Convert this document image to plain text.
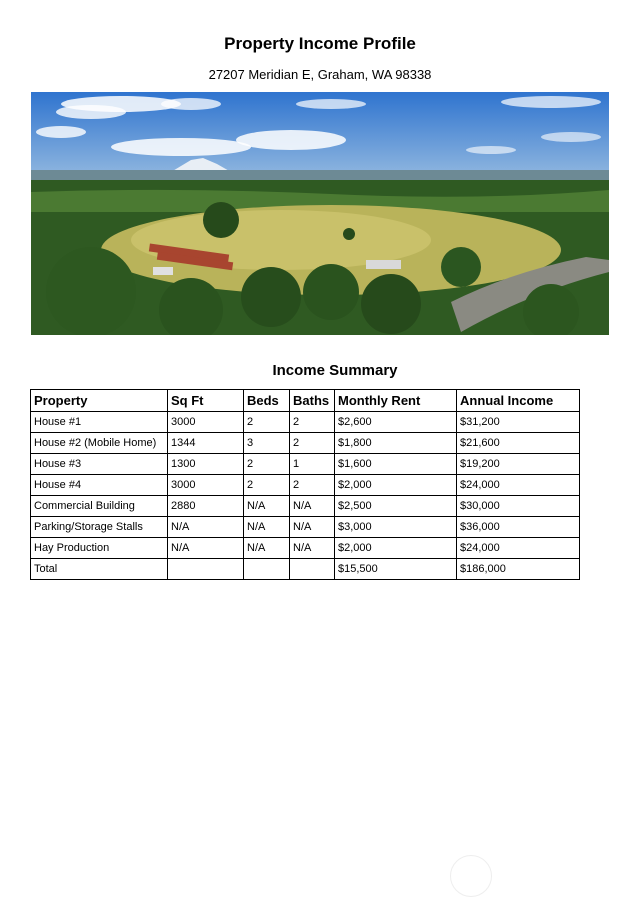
Property Income Profile
27207 Meridian E, Graham, WA 98338
Income Summary
Property	Sq Ft	Beds	Baths	Monthly Rent	Annual Income
House #1	3000	2	2	$2,600	$31,200
House #2 (Mobile Home)	1344	3	2	$1,800	$21,600
House #3	1300	2	1	$1,600	$19,200
House #4	3000	2	2	$2,000	$24,000
Commercial Building	2880	N/A	N/A	$2,500	$30,000
Parking/Storage Stalls	N/A	N/A	N/A	$3,000	$36,000
Hay Production	N/A	N/A	N/A	$2,000	$24,000
Total				$15,500	$186,000
